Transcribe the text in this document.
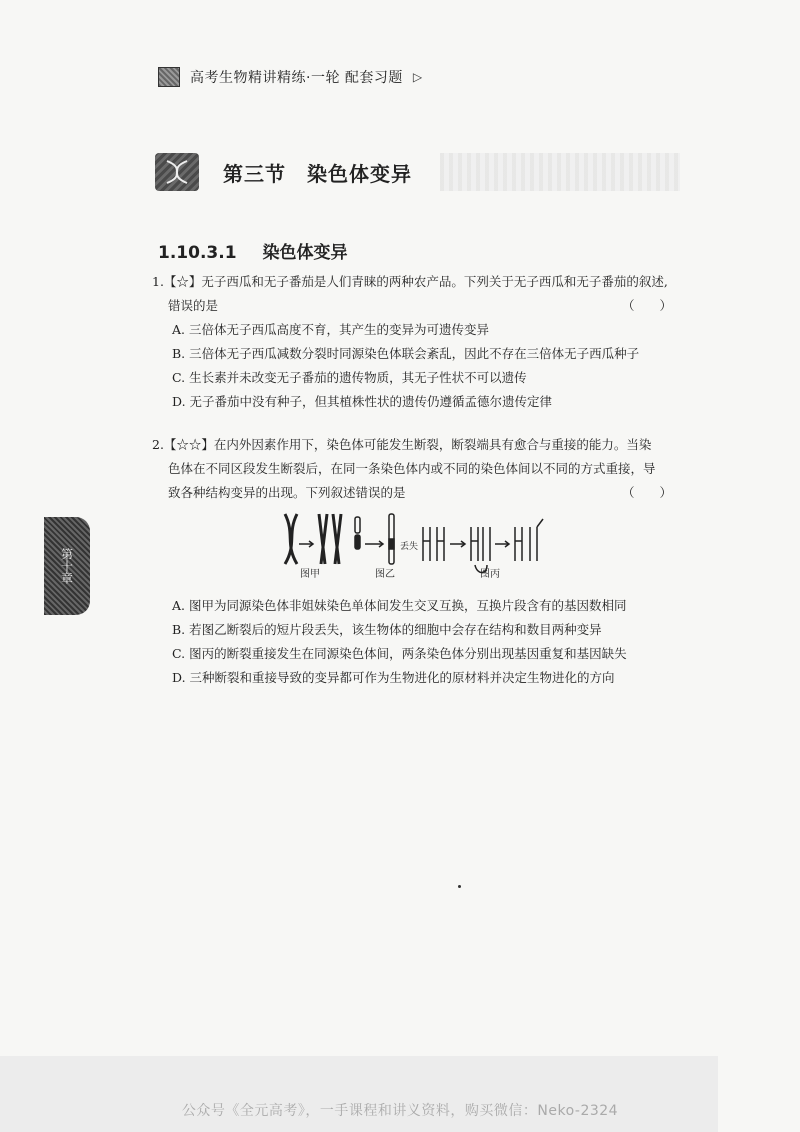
高考生物精讲精练·一轮 配套习题 ▷
第三节　染色体变异
1.10.3.1 染色体变异
1.【☆】无子西瓜和无子番茄是人们青睐的两种农产品。下列关于无子西瓜和无子番茄的叙述,
错误的是	（　　）
A. 三倍体无子西瓜高度不育，其产生的变异为可遗传变异
B. 三倍体无子西瓜减数分裂时同源染色体联会紊乱，因此不存在三倍体无子西瓜种子
C. 生长素并未改变无子番茄的遗传物质，其无子性状不可以遗传
D. 无子番茄中没有种子，但其植株性状的遗传仍遵循孟德尔遗传定律
2.【☆☆】在内外因素作用下，染色体可能发生断裂，断裂端具有愈合与重接的能力。当染
色体在不同区段发生断裂后，在同一条染色体内或不同的染色体间以不同的方式重接，导
致各种结构变异的出现。下列叙述错误的是	（　　）
丢失
图甲	图乙	图丙
A. 图甲为同源染色体非姐妹染色单体间发生交叉互换，互换片段含有的基因数相同
B. 若图乙断裂后的短片段丢失，该生物体的细胞中会存在结构和数目两种变异
C. 图丙的断裂重接发生在同源染色体间，两条染色体分别出现基因重复和基因缺失
D. 三种断裂和重接导致的变异都可作为生物进化的原材料并决定生物进化的方向
第十章
公众号《全元高考》，一手课程和讲义资料，购买微信：Neko-2324
